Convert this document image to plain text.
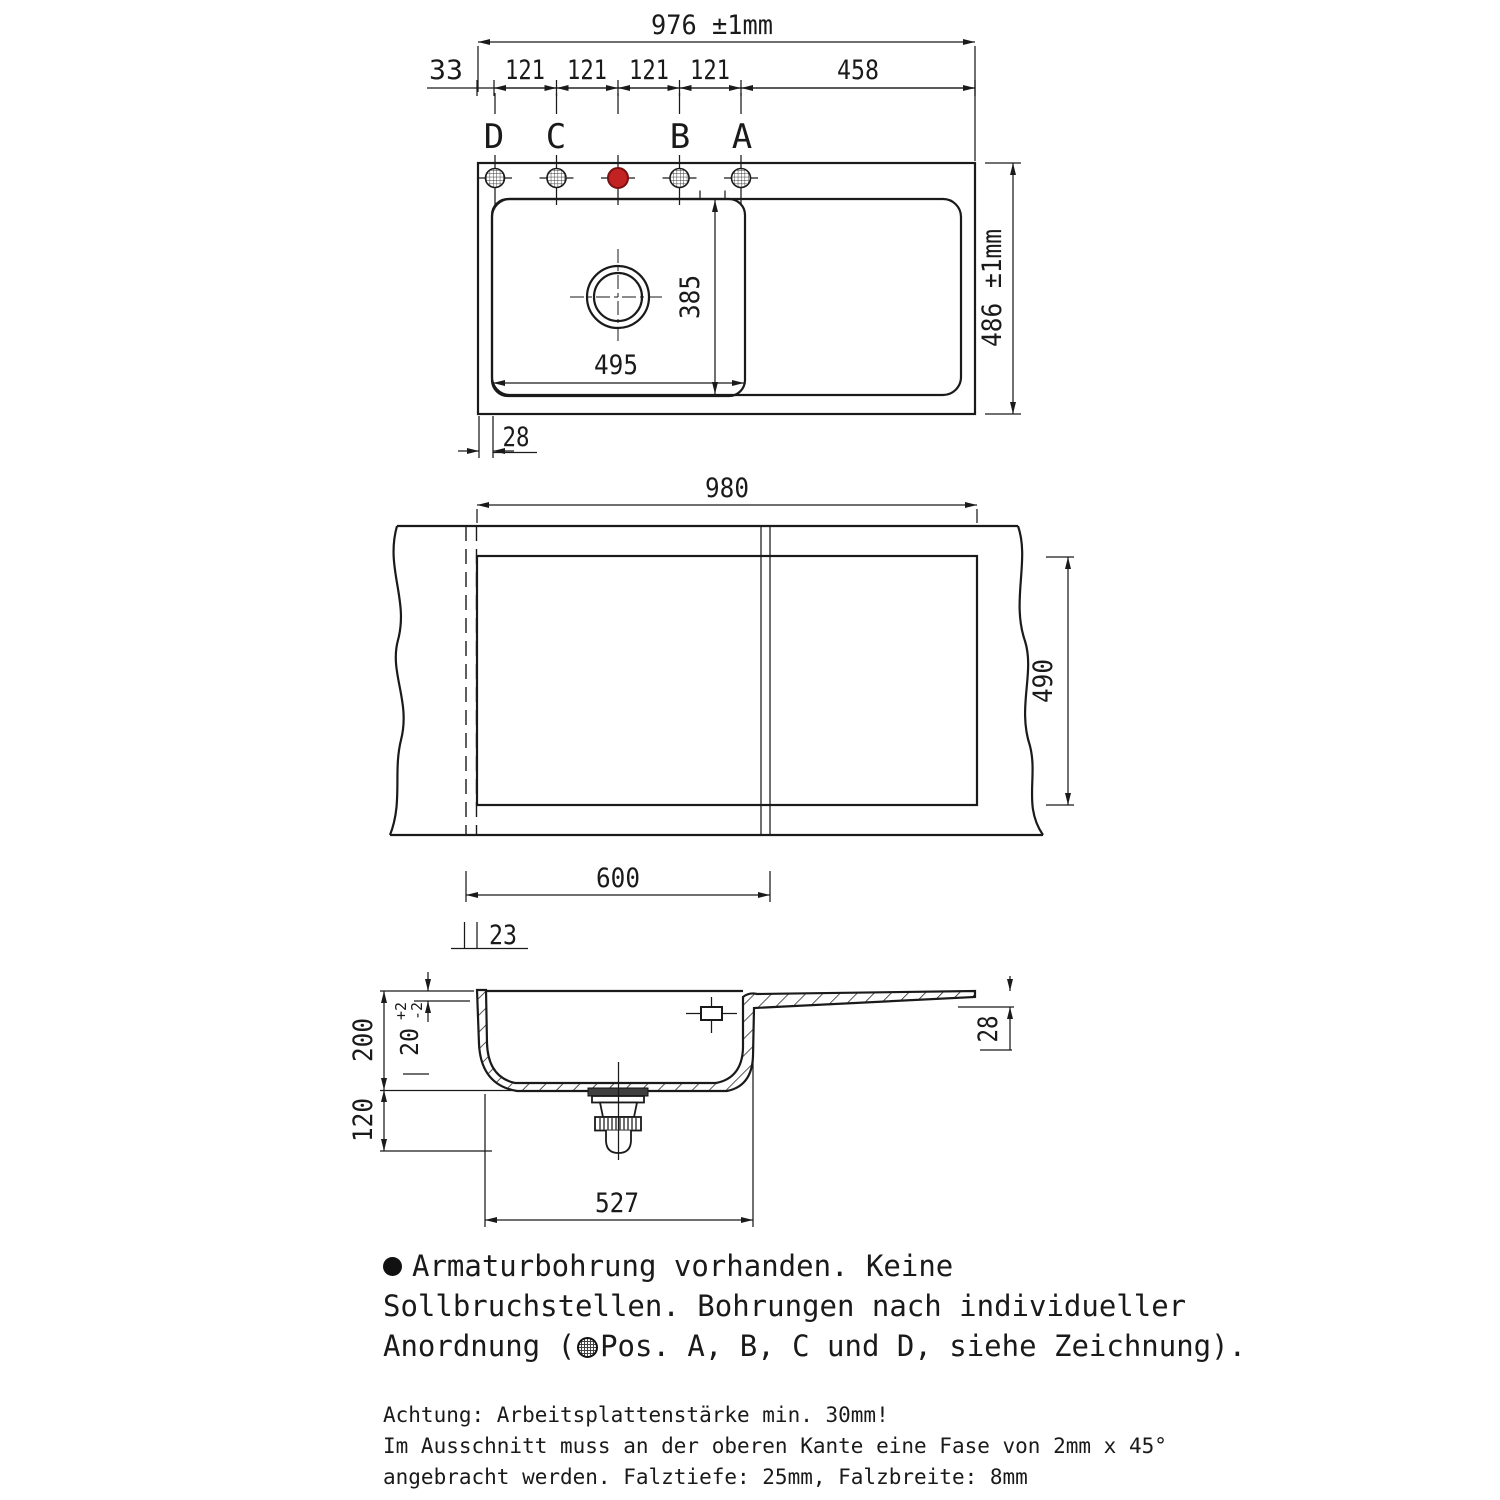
976 ±1mm
33 121 121 121 121	458
D C	B A
486 ±1mm
385
495
28
980
490
600
23
200
120
20
+2
-2	28
527
Armaturbohrung vorhanden. Keine
Sollbruchstellen. Bohrungen nach individueller
Anordnung ( Pos. A, B, C und D, siehe Zeichnung).
Achtung: Arbeitsplattenstärke min. 30mm!
Im Ausschnitt muss an der oberen Kante eine Fase von 2mm x 45°
angebracht werden. Falztiefe: 25mm, Falzbreite: 8mm
